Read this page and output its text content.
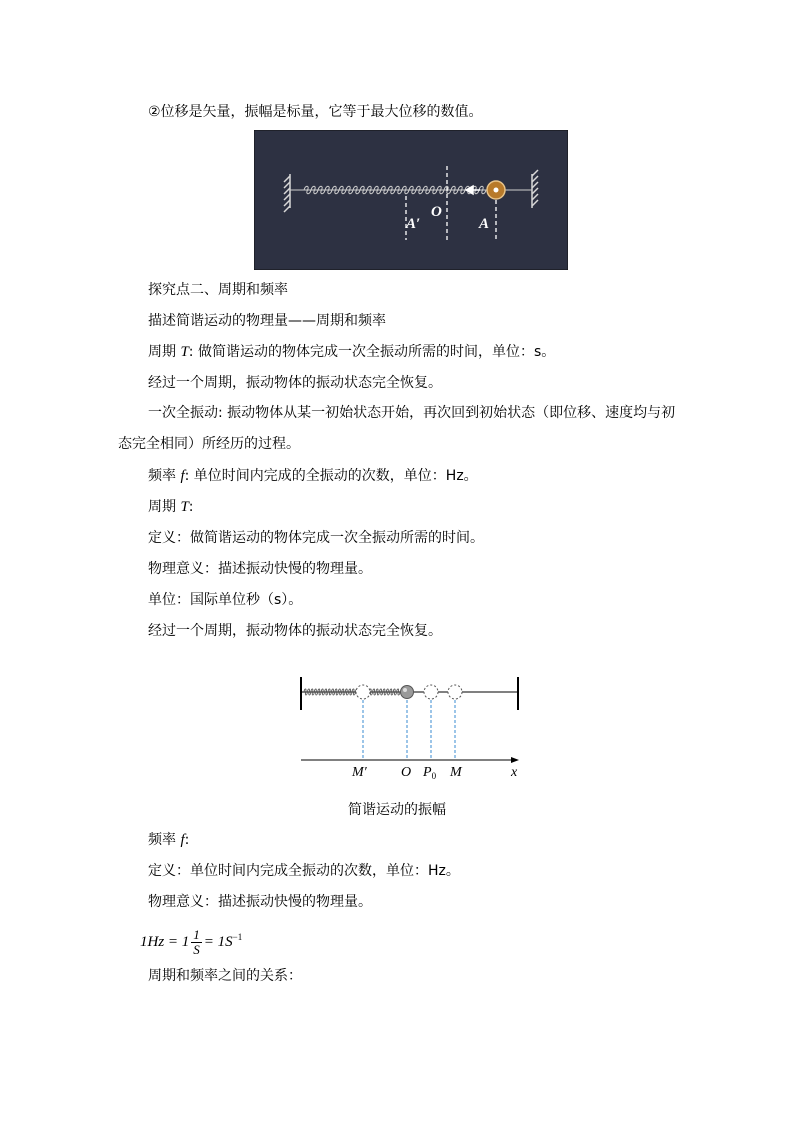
②位移是矢量，振幅是标量，它等于最大位移的数值。
A′
O
A
探究点二、周期和频率
描述简谐运动的物理量——周期和频率
周期 T: 做简谐运动的物体完成一次全振动所需的时间，单位：s。
经过一个周期，振动物体的振动状态完全恢复。
一次全振动: 振动物体从某一初始状态开始，再次回到初始状态（即位移、速度均与初态完全相同）所经历的过程。
频率 f: 单位时间内完成的全振动的次数，单位：Hz。
周期 T:
定义：做简谐运动的物体完成一次全振动所需的时间。
物理意义：描述振动快慢的物理量。
单位：国际单位秒（s）。
经过一个周期，振动物体的振动状态完全恢复。
M′ O $P_0$ M	x
简谐运动的振幅
频率 f:
定义：单位时间内完成全振动的次数，单位：Hz。
物理意义：描述振动快慢的物理量。
$1Hz = 1 \frac{1}{S} = 1S^{-1}$
周期和频率之间的关系：
